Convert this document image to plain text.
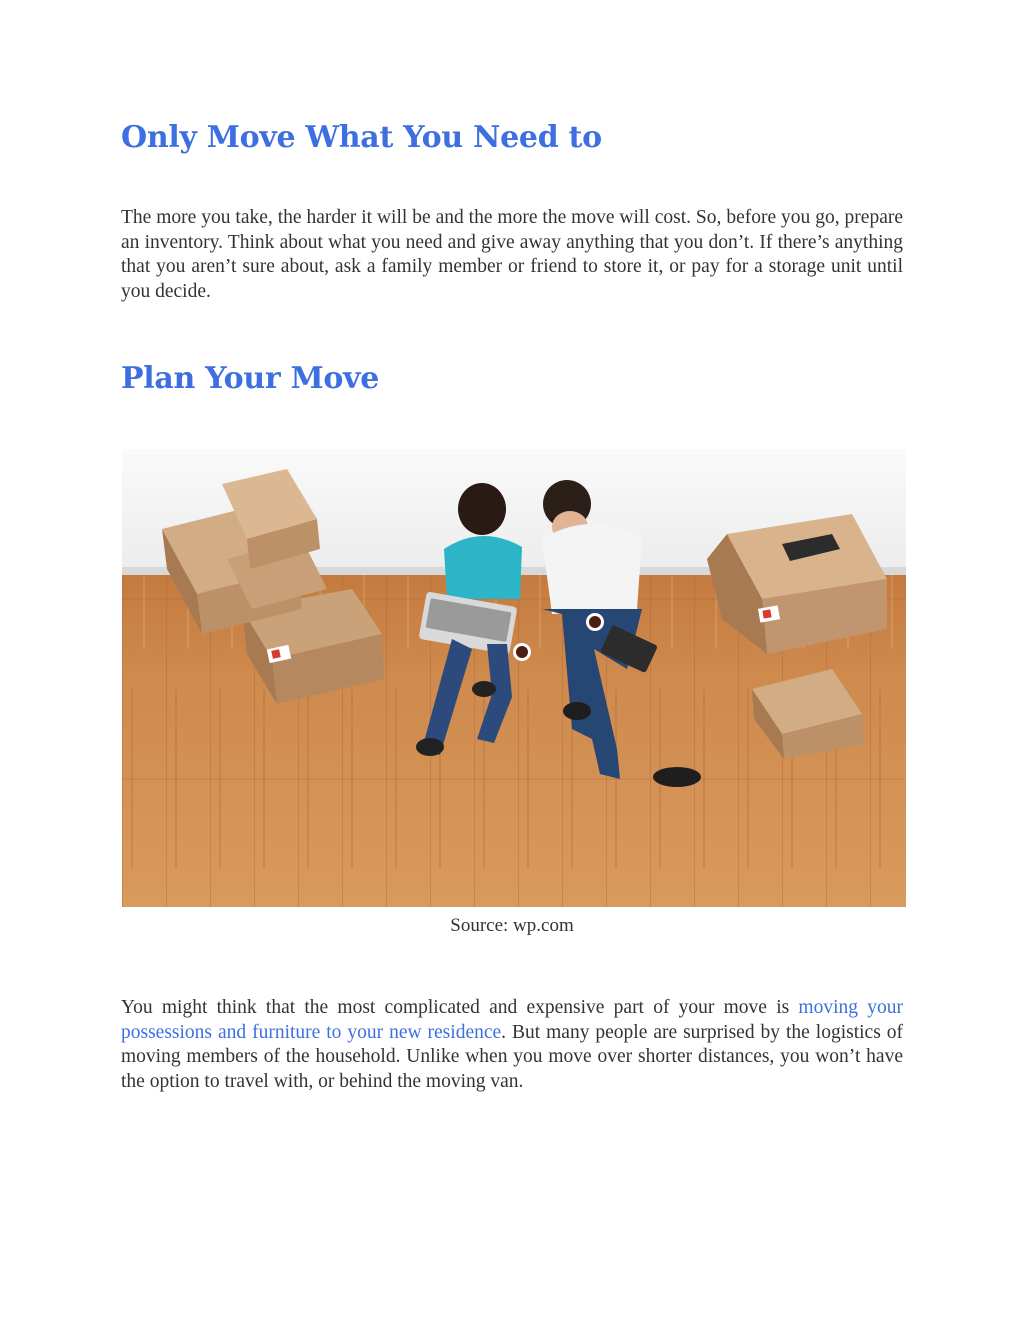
Only Move What You Need to

The more you take, the harder it will be and the more the move will cost. So, before you go, prepare an inventory. Think about what you need and give away anything that you don’t. If there’s anything that you aren’t sure about, ask a family member or friend to store it, or pay for a storage unit until you decide.

Plan Your Move
Source: wp.com

You might think that the most complicated and expensive part of your move is moving your possessions and furniture to your new residence. But many people are surprised by the logistics of moving members of the household. Unlike when you move over shorter distances, you won’t have the option to travel with, or behind the moving van.
